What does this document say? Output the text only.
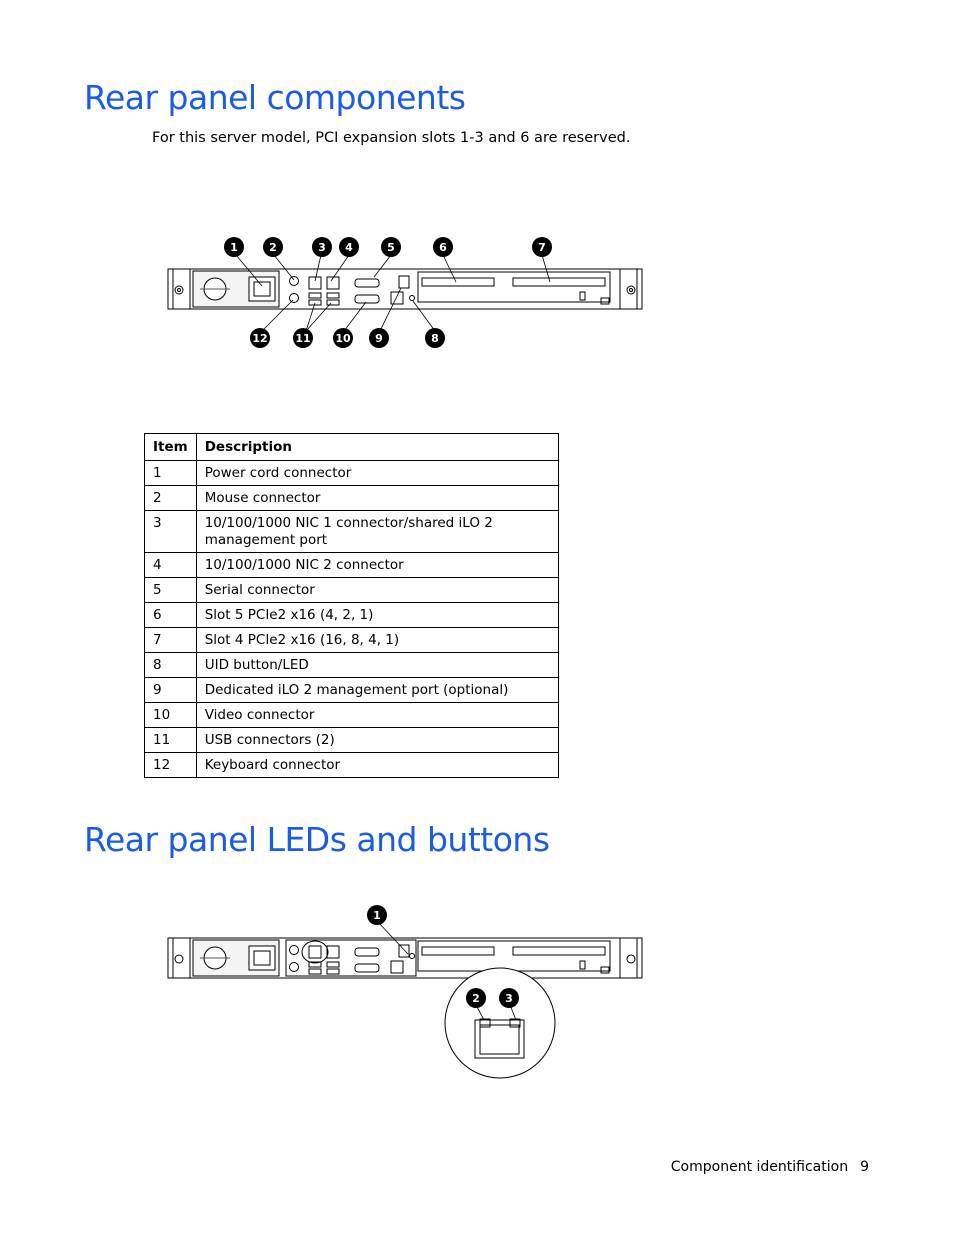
Rear panel components
For this server model, PCI expansion slots 1-3 and 6 are reserved.
1	2	3 4	5	6	7
12	11 10 9	8
Item	Description
1	Power cord connector
2	Mouse connector
3	10/100/1000 NIC 1 connector/shared iLO 2 management port
4	10/100/1000 NIC 2 connector
5	Serial connector
6	Slot 5 PCIe2 x16 (4, 2, 1)
7	Slot 4 PCIe2 x16 (16, 8, 4, 1)
8	UID button/LED
9	Dedicated iLO 2 management port (optional)
10	Video connector
11	USB connectors (2)
12	Keyboard connector
Rear panel LEDs and buttons
1
2 3
Component identification 9
